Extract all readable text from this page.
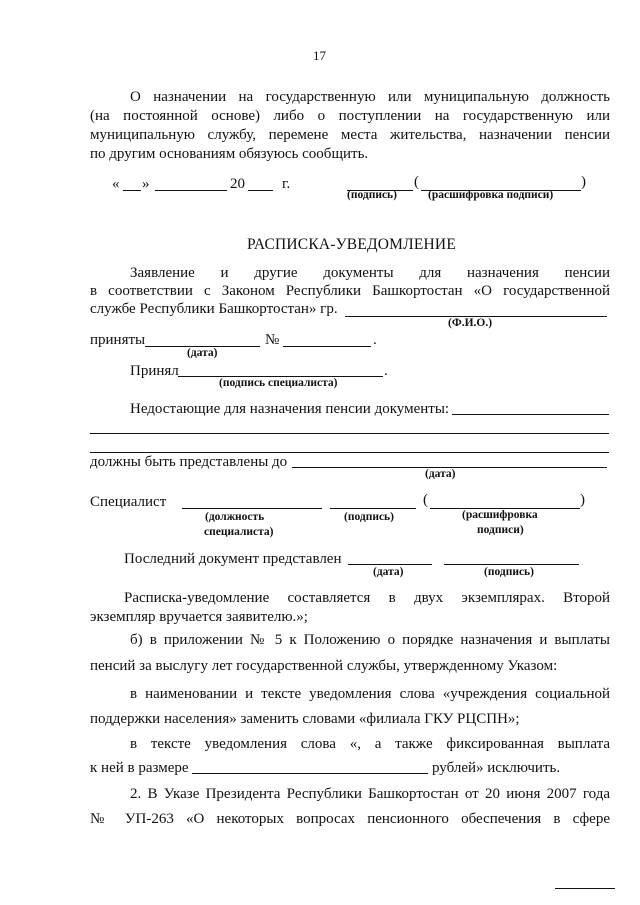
17
О назначении на государственную или муниципальную должность
(на постоянной основе) либо о поступлении на государственную или
муниципальную службу, перемене места жительства, назначении пенсии
по другим основаниям обязуюсь сообщить.
« »	20 г.	(	)
(подпись)	(расшифровка подписи)
РАСПИСКА-УВЕДОМЛЕНИЕ
Заявление и другие документы для назначения пенсии
в соответствии с Законом Республики Башкортостан «О государственной
службе Республики Башкортостан» гр.
(Ф.И.О.)
приняты	№	.
(дата)
Принял	.
(подпись специалиста)
Недостающие для назначения пенсии документы:
должны быть представлены до
(дата)
Специалист	(	)
(должность
специалиста)
(подпись)	(расшифровка
подписи)
Последний документ представлен
(дата)	(подпись)
Расписка-уведомление составляется в двух экземплярах. Второй
экземпляр вручается заявителю.»;
б) в приложении № 5 к Положению о порядке назначения и выплаты
пенсий за выслугу лет государственной службы, утвержденному Указом:
в наименовании и тексте уведомления слова «учреждения социальной
поддержки населения» заменить словами «филиала ГКУ РЦСПН»;
в тексте уведомления слова «, а также фиксированная выплата
к ней в размере	рублей» исключить.
2. В Указе Президента Республики Башкортостан от 20 июня 2007 года
№ УП-263 «О некоторых вопросах пенсионного обеспечения в сфере
